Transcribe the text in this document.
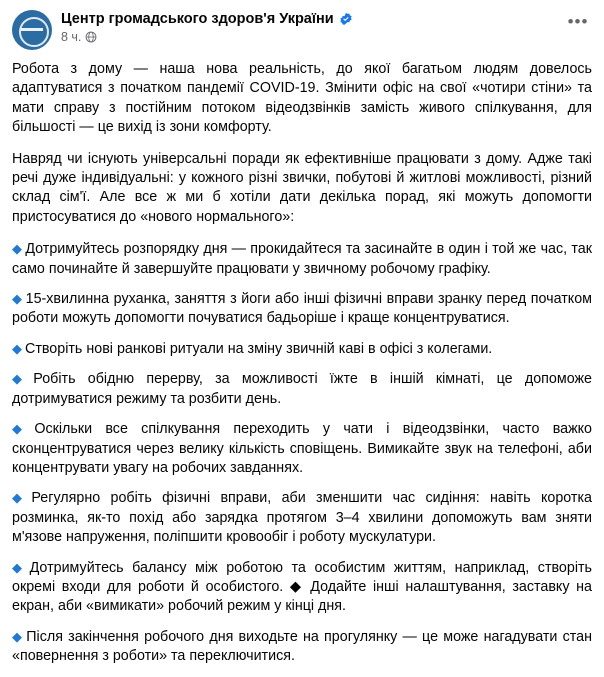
Центр громадського здоров'я України
8 ч.
•••

Робота з дому — наша нова реальність, до якої багатьом людям довелось адаптуватися з початком пандемії COVID-19. Змінити офіс на свої «чотири стіни» та мати справу з постійним потоком відеодзвінків замість живого спілкування, для більшості — це вихід із зони комфорту.

Навряд чи існують універсальні поради як ефективніше працювати з дому. Адже такі речі дуже індивідуальні: у кожного різні звички, побутові й житлові можливості, різний склад сім'ї. Але все ж ми б хотіли дати декілька порад, які можуть допомогти пристосуватися до «нового нормального»:

◆ Дотримуйтесь розпорядку дня — прокидайтеся та засинайте в один і той же час, так само починайте й завершуйте працювати у звичному робочому графіку.
◆ 15-хвилинна руханка, заняття з йоги або інші фізичні вправи зранку перед початком роботи можуть допомогти почуватися бадьоріше і краще концентруватися.
◆ Створіть нові ранкові ритуали на зміну звичній каві в офісі з колегами.
◆ Робіть обідню перерву, за можливості їжте в іншій кімнаті, це допоможе дотримуватися режиму та розбити день.
◆ Оскільки все спілкування переходить у чати і відеодзвінки, часто важко сконцентруватися через велику кількість сповіщень. Вимикайте звук на телефоні, аби концентрувати увагу на робочих завданнях.
◆ Регулярно робіть фізичні вправи, аби зменшити час сидіння: навіть коротка розминка, як-то похід або зарядка протягом 3–4 хвилини допоможуть вам зняти м'язове напруження, поліпшити кровообіг і роботу мускулатури.
◆ Дотримуйтесь балансу між роботою та особистим життям, наприклад, створіть окремі входи для роботи й особистого. ◆ Додайте інші налаштування, заставку на екран, аби «вимикати» робочий режим у кінці дня.
◆ Після закінчення робочого дня виходьте на прогулянку — це може нагадувати стан «повернення з роботи» та переключитися.
